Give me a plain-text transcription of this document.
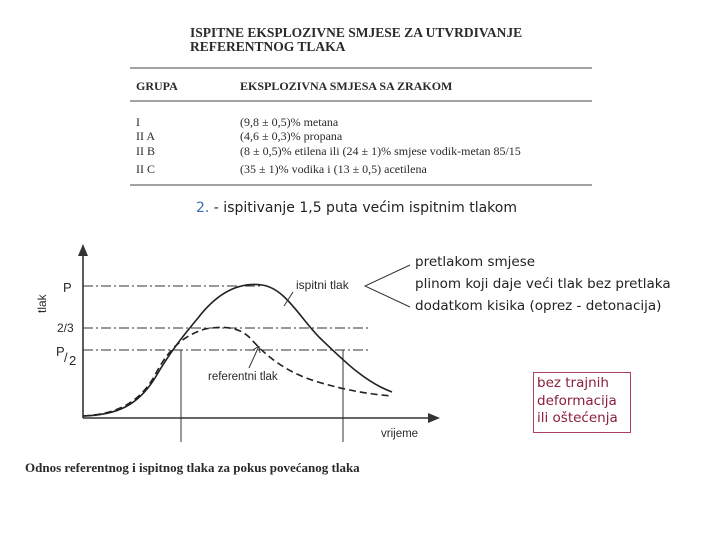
ISPITNE EKSPLOZIVNE SMJESE ZA UTVRDIVANJE
REFERENTNOG TLAKA
GRUPA	EKSPLOZIVNA SMJESA SA ZRAKOM
I	(9,8 ± 0,5)% metana
II A	(4,6 ± 0,3)% propana
II B	(8 ± 0,5)% etilena ili (24 ± 1)% smjese vodik-metan 85/15
II C	(35 ± 1)% vodika i (13 ± 0,5) acetilena
tlak
P
2/3
P / 2
ispitni tlak
referentni tlak
vrijeme
Odnos referentnog i ispitnog tlaka za pokus povećanog tlaka
2. - ispitivanje 1,5 puta većim ispitnim tlakom
pretlakom smjese
plinom koji daje veći tlak bez pretlaka
dodatkom kisika (oprez - detonacija)
bez trajnih
deformacija
ili oštećenja
